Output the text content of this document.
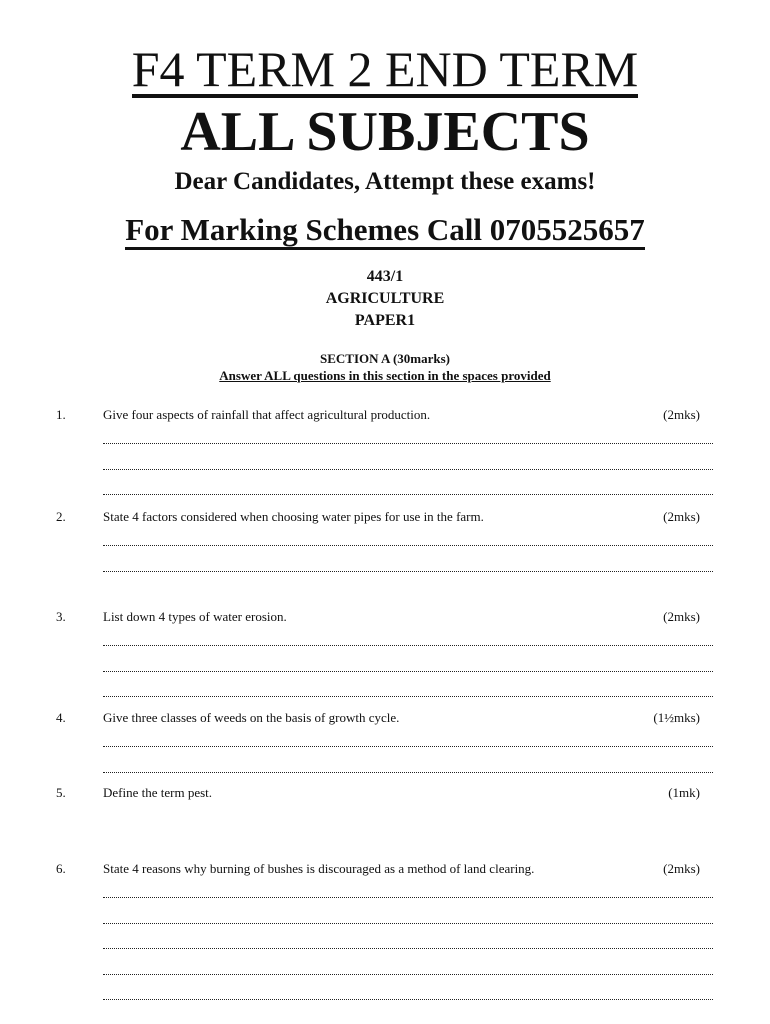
F4 TERM 2 END TERM
ALL SUBJECTS
Dear Candidates, Attempt these exams!
For Marking Schemes Call 0705525657
443/1
AGRICULTURE
PAPER1
SECTION A (30marks)
Answer ALL questions in this section in the spaces provided
1.	Give four aspects of rainfall that affect agricultural production.	(2mks)
2.	State 4 factors considered when choosing water pipes for use in the farm.	(2mks)
3.	List down 4 types of water erosion.	(2mks)
4.	Give three classes of weeds on the basis of growth cycle.	(1½mks)
5.	Define the term pest.	(1mk)
6.	State 4 reasons why burning of bushes is discouraged as a method of land clearing.	(2mks)
